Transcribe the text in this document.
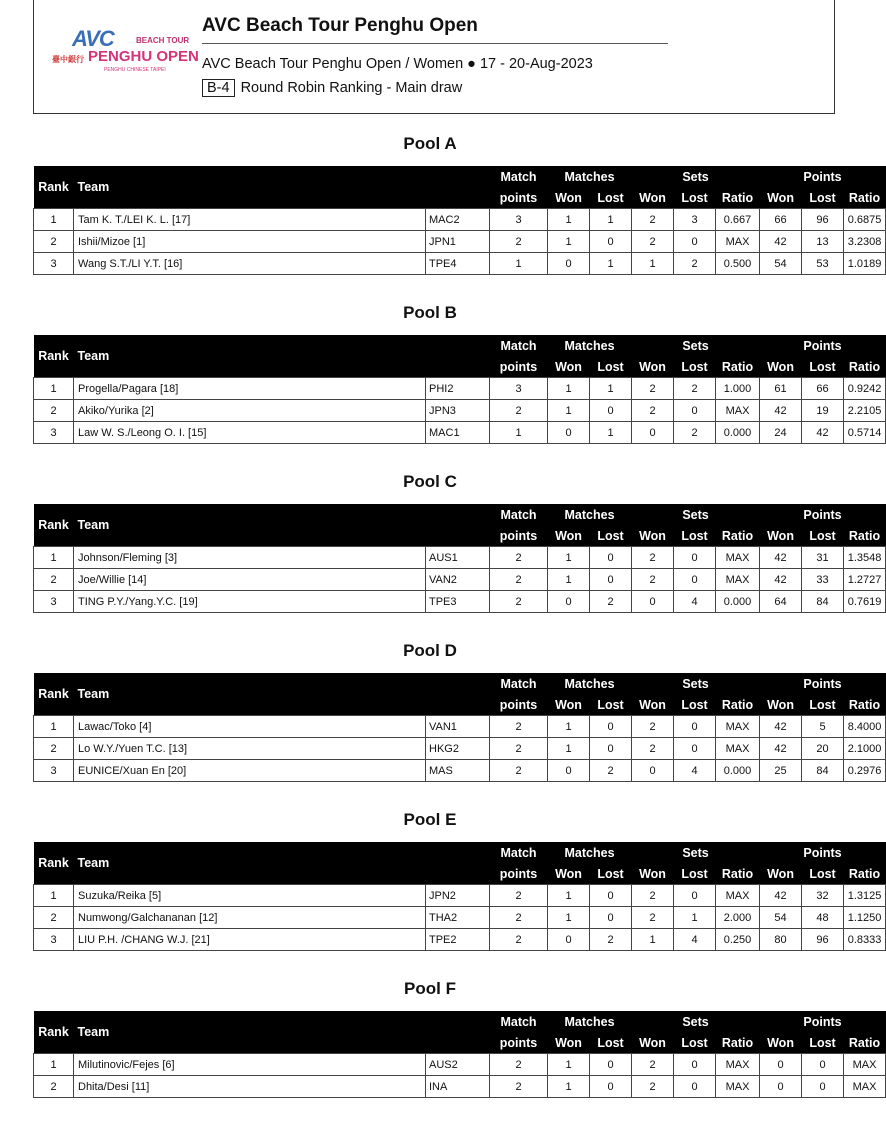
AVC	BEACH TOUR
臺中銀行 PENGHU OPEN
PENGHU CHINESE TAIPEI
AVC Beach Tour Penghu Open
AVC Beach Tour Penghu Open / Women ● 17 - 20-Aug-2023
B-4 Round Robin Ranking - Main draw
Pool A
Rank	Team		Match	Matches		Sets			Points		
			points	Won	Lost	Won	Lost	Ratio	Won	Lost	Ratio
1	Tam K. T./LEI K. L. [17]	MAC2	3	1	1	2	3	0.667	66	96	0.6875
2	Ishii/Mizoe [1]	JPN1	2	1	0	2	0	MAX	42	13	3.2308
3	Wang S.T./LI Y.T. [16]	TPE4	1	0	1	1	2	0.500	54	53	1.0189
Pool B
Rank	Team		Match	Matches		Sets			Points		
			points	Won	Lost	Won	Lost	Ratio	Won	Lost	Ratio
1	Progella/Pagara [18]	PHI2	3	1	1	2	2	1.000	61	66	0.9242
2	Akiko/Yurika [2]	JPN3	2	1	0	2	0	MAX	42	19	2.2105
3	Law W. S./Leong O. I. [15]	MAC1	1	0	1	0	2	0.000	24	42	0.5714
Pool C
Rank	Team		Match	Matches		Sets			Points		
			points	Won	Lost	Won	Lost	Ratio	Won	Lost	Ratio
1	Johnson/Fleming [3]	AUS1	2	1	0	2	0	MAX	42	31	1.3548
2	Joe/Willie [14]	VAN2	2	1	0	2	0	MAX	42	33	1.2727
3	TING P.Y./Yang.Y.C. [19]	TPE3	2	0	2	0	4	0.000	64	84	0.7619
Pool D
Rank	Team		Match	Matches		Sets			Points		
			points	Won	Lost	Won	Lost	Ratio	Won	Lost	Ratio
1	Lawac/Toko [4]	VAN1	2	1	0	2	0	MAX	42	5	8.4000
2	Lo W.Y./Yuen T.C. [13]	HKG2	2	1	0	2	0	MAX	42	20	2.1000
3	EUNICE/Xuan En [20]	MAS	2	0	2	0	4	0.000	25	84	0.2976
Pool E
Rank	Team		Match	Matches		Sets			Points		
			points	Won	Lost	Won	Lost	Ratio	Won	Lost	Ratio
1	Suzuka/Reika [5]	JPN2	2	1	0	2	0	MAX	42	32	1.3125
2	Numwong/Galchananan [12]	THA2	2	1	0	2	1	2.000	54	48	1.1250
3	LIU P.H. /CHANG W.J. [21]	TPE2	2	0	2	1	4	0.250	80	96	0.8333
Pool F
Rank	Team		Match	Matches		Sets			Points		
			points	Won	Lost	Won	Lost	Ratio	Won	Lost	Ratio
1	Milutinovic/Fejes [6]	AUS2	2	1	0	2	0	MAX	0	0	MAX
2	Dhita/Desi [11]	INA	2	1	0	2	0	MAX	0	0	MAX
